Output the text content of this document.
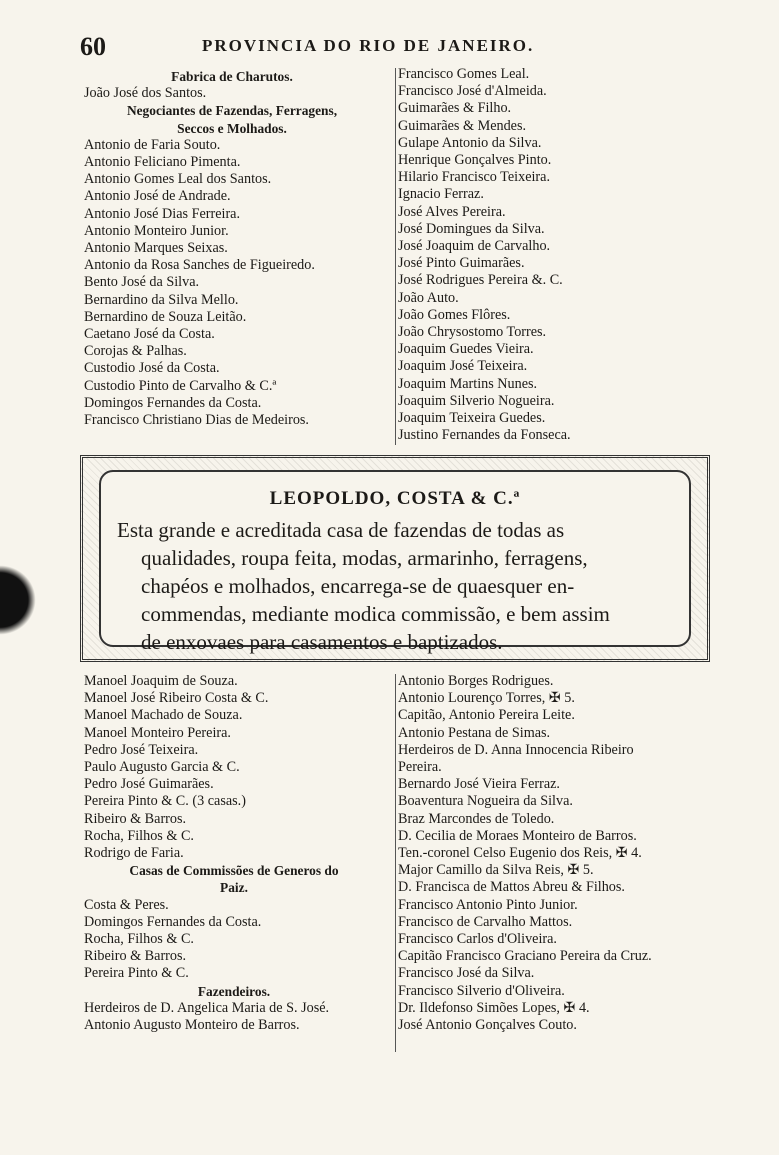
60	PROVINCIA DO RIO DE JANEIRO.
Fabrica de Charutos.
João José dos Santos.
Negociantes de Fazendas, Ferragens,
Seccos e Molhados.
Antonio de Faria Souto.
Antonio Feliciano Pimenta.
Antonio Gomes Leal dos Santos.
Antonio José de Andrade.
Antonio José Dias Ferreira.
Antonio Monteiro Junior.
Antonio Marques Seixas.
Antonio da Rosa Sanches de Figueiredo.
Bento José da Silva.
Bernardino da Silva Mello.
Bernardino de Souza Leitão.
Caetano José da Costa.
Corojas & Palhas.
Custodio José da Costa.
Custodio Pinto de Carvalho & C.ª
Domingos Fernandes da Costa.
Francisco Christiano Dias de Medeiros.
Francisco Gomes Leal.
Francisco José d'Almeida.
Guimarães & Filho.
Guimarães & Mendes.
Gulape Antonio da Silva.
Henrique Gonçalves Pinto.
Hilario Francisco Teixeira.
Ignacio Ferraz.
José Alves Pereira.
José Domingues da Silva.
José Joaquim de Carvalho.
José Pinto Guimarães.
José Rodrigues Pereira &. C.
João Auto.
João Gomes Flôres.
João Chrysostomo Torres.
Joaquim Guedes Vieira.
Joaquim José Teixeira.
Joaquim Martins Nunes.
Joaquim Silverio Nogueira.
Joaquim Teixeira Guedes.
Justino Fernandes da Fonseca.
LEOPOLDO, COSTA & C.ª
Esta grande e acreditada casa de fazendas de todas as
qualidades, roupa feita, modas, armarinho, ferragens,
chapéos e molhados, encarrega-se de quaesquer en-
commendas, mediante modica commissão, e bem assim
de enxovaes para casamentos e baptizados.
Manoel Joaquim de Souza.
Manoel José Ribeiro Costa & C.
Manoel Machado de Souza.
Manoel Monteiro Pereira.
Pedro José Teixeira.
Paulo Augusto Garcia & C.
Pedro José Guimarães.
Pereira Pinto & C. (3 casas.)
Ribeiro & Barros.
Rocha, Filhos & C.
Rodrigo de Faria.
Casas de Commissões de Generos do
Paiz.
Costa & Peres.
Domingos Fernandes da Costa.
Rocha, Filhos & C.
Ribeiro & Barros.
Pereira Pinto & C.
Fazendeiros.
Herdeiros de D. Angelica Maria de S. José.
Antonio Augusto Monteiro de Barros.
Antonio Borges Rodrigues.
Antonio Lourenço Torres, ✠ 5.
Capitão, Antonio Pereira Leite.
Antonio Pestana de Simas.
Herdeiros de D. Anna Innocencia Ribeiro
Pereira.
Bernardo José Vieira Ferraz.
Boaventura Nogueira da Silva.
Braz Marcondes de Toledo.
D. Cecilia de Moraes Monteiro de Barros.
Ten.-coronel Celso Eugenio dos Reis, ✠ 4.
Major Camillo da Silva Reis, ✠ 5.
D. Francisca de Mattos Abreu & Filhos.
Francisco Antonio Pinto Junior.
Francisco de Carvalho Mattos.
Francisco Carlos d'Oliveira.
Capitão Francisco Graciano Pereira da Cruz.
Francisco José da Silva.
Francisco Silverio d'Oliveira.
Dr. Ildefonso Simões Lopes, ✠ 4.
José Antonio Gonçalves Couto.
